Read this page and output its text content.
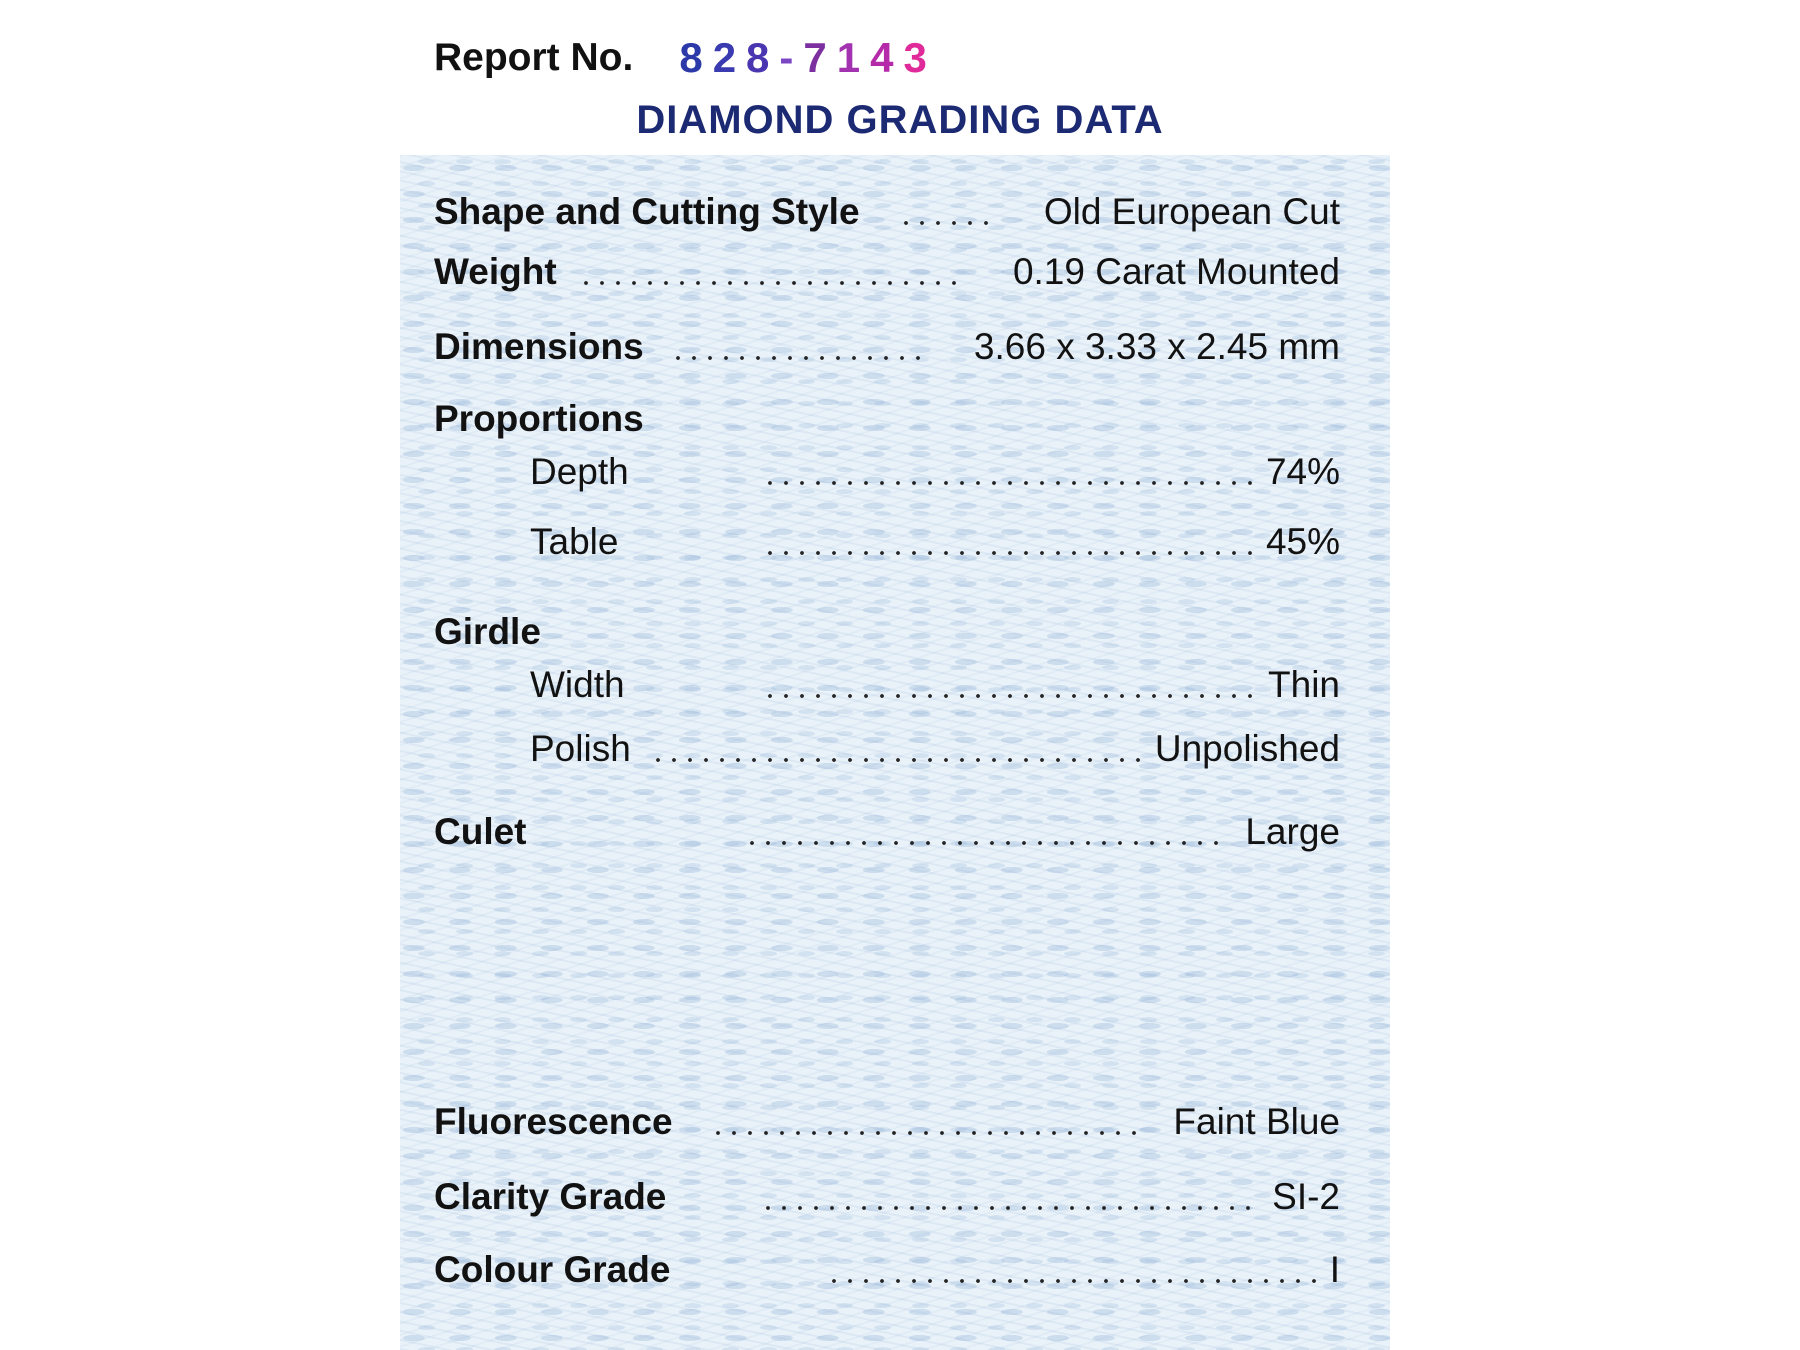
Report No. 8 2 8 - 7 1 4 3
DIAMOND GRADING DATA
Shape and Cutting Style	Old European Cut
Weight	0.19 Carat Mounted
Dimensions	3.66 x 3.33 x 2.45 mm
Proportions
Depth	74%
Table	45%
Girdle
Width	Thin
Polish	Unpolished
Culet	Large
Fluorescence	Faint Blue
Clarity Grade	SI-2
Colour Grade	I
